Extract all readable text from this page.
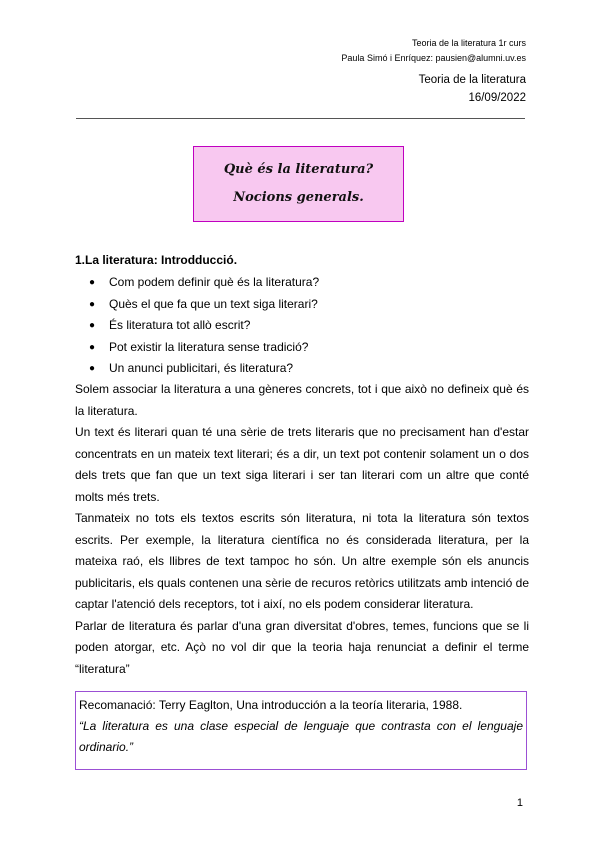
Teoria de la literatura 1r curs
Paula Simó i Enríquez: pausien@alumni.uv.es
Teoria de la literatura
16/09/2022
Què és la literatura? Nocions generals.
1.La literatura: Introdducció.
● Com podem definir què és la literatura?
● Quès el que fa que un text siga literari?
● És literatura tot allò escrit?
● Pot existir la literatura sense tradició?
● Un anunci publicitari, és literatura?

Solem associar la literatura a una gèneres concrets, tot i que això no defineix què és la literatura.

Un text és literari quan té una sèrie de trets literaris que no precisament han d'estar concentrats en un mateix text literari; és a dir, un text pot contenir solament un o dos dels trets que fan que un text siga literari i ser tan literari com un altre que conté molts més trets.

Tanmateix no tots els textos escrits són literatura, ni tota la literatura són textos escrits. Per exemple, la literatura científica no és considerada literatura, per la mateixa raó, els llibres de text tampoc ho són. Un altre exemple són els anuncis publicitaris, els quals contenen una sèrie de recuros retòrics utilitzats amb intenció de captar l'atenció dels receptors, tot i així, no els podem considerar literatura.

Parlar de literatura és parlar d'una gran diversitat d'obres, temes, funcions que se li poden atorgar, etc. Açò no vol dir que la teoria haja renunciat a definir el terme “literatura”

Recomanació: Terry Eaglton, Una introducción a la teoría literaria, 1988.
“La literatura es una clase especial de lenguaje que contrasta con el lenguaje ordinario.”
1
